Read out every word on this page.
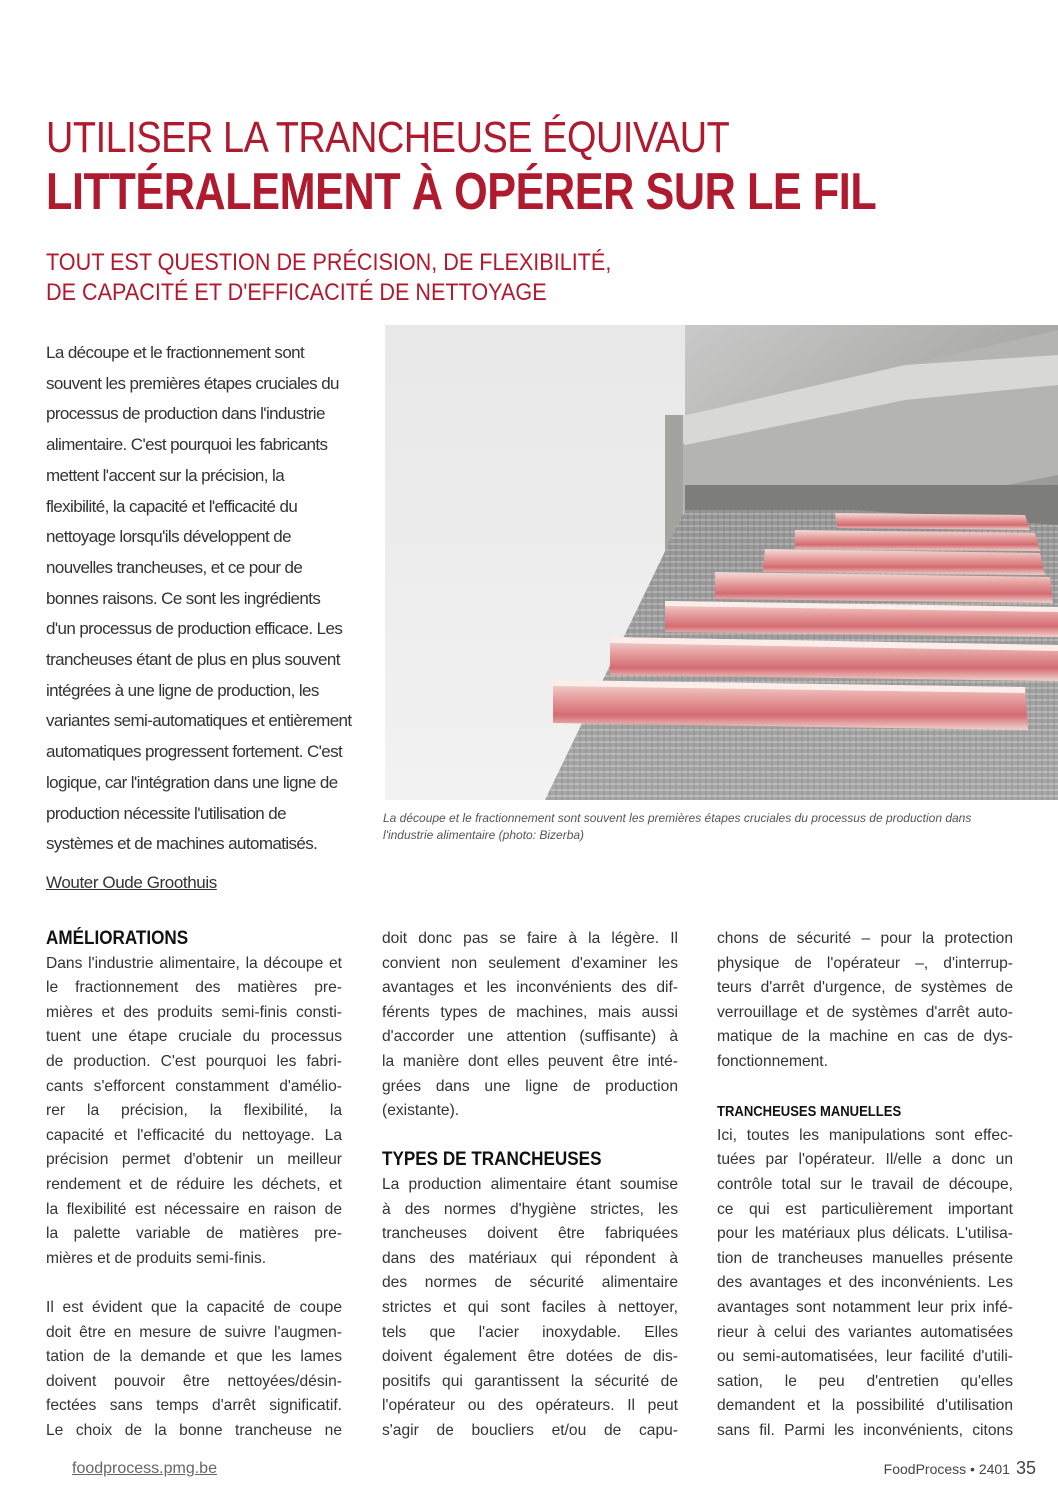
UTILISER LA TRANCHEUSE ÉQUIVAUT
LITTÉRALEMENT À OPÉRER SUR LE FIL
TOUT EST QUESTION DE PRÉCISION, DE FLEXIBILITÉ,
DE CAPACITÉ ET D'EFFICACITÉ DE NETTOYAGE
La découpe et le fractionnement sont
souvent les premières étapes cruciales du
processus de production dans l'industrie
alimentaire. C'est pourquoi les fabricants
mettent l'accent sur la précision, la
flexibilité, la capacité et l'efficacité du
nettoyage lorsqu'ils développent de
nouvelles trancheuses, et ce pour de
bonnes raisons. Ce sont les ingrédients
d'un processus de production efficace. Les
trancheuses étant de plus en plus souvent
intégrées à une ligne de production, les
variantes semi-automatiques et entièrement
automatiques progressent fortement. C'est
logique, car l'intégration dans une ligne de
production nécessite l'utilisation de
systèmes et de machines automatisés.
Wouter Oude Groothuis
La découpe et le fractionnement sont souvent les premières étapes cruciales du processus de production dans l'industrie alimentaire (photo: Bizerba)
AMÉLIORATIONS
Dans l'industrie alimentaire, la découpe et
le fractionnement des matières pre-
mières et des produits semi-finis consti-
tuent une étape cruciale du processus
de production. C'est pourquoi les fabri-
cants s'efforcent constamment d'amélio-
rer la précision, la flexibilité, la
capacité et l'efficacité du nettoyage. La
précision permet d'obtenir un meilleur
rendement et de réduire les déchets, et
la flexibilité est nécessaire en raison de
la palette variable de matières pre-
mières et de produits semi-finis.
Il est évident que la capacité de coupe
doit être en mesure de suivre l'augmen-
tation de la demande et que les lames
doivent pouvoir être nettoyées/désin-
fectées sans temps d'arrêt significatif.
Le choix de la bonne trancheuse ne
doit donc pas se faire à la légère. Il
convient non seulement d'examiner les
avantages et les inconvénients des dif-
férents types de machines, mais aussi
d'accorder une attention (suffisante) à
la manière dont elles peuvent être inté-
grées dans une ligne de production
(existante).
TYPES DE TRANCHEUSES
La production alimentaire étant soumise
à des normes d'hygiène strictes, les
trancheuses doivent être fabriquées
dans des matériaux qui répondent à
des normes de sécurité alimentaire
strictes et qui sont faciles à nettoyer,
tels que l'acier inoxydable. Elles
doivent également être dotées de dis-
positifs qui garantissent la sécurité de
l'opérateur ou des opérateurs. Il peut
s'agir de boucliers et/ou de capu-
chons de sécurité – pour la protection
physique de l'opérateur –, d'interrup-
teurs d'arrêt d'urgence, de systèmes de
verrouillage et de systèmes d'arrêt auto-
matique de la machine en cas de dys-
fonctionnement.
TRANCHEUSES MANUELLES
Ici, toutes les manipulations sont effec-
tuées par l'opérateur. Il/elle a donc un
contrôle total sur le travail de découpe,
ce qui est particulièrement important
pour les matériaux plus délicats. L'utilisa-
tion de trancheuses manuelles présente
des avantages et des inconvénients. Les
avantages sont notamment leur prix infé-
rieur à celui des variantes automatisées
ou semi-automatisées, leur facilité d'utili-
sation, le peu d'entretien qu'elles
demandent et la possibilité d'utilisation
sans fil. Parmi les inconvénients, citons
foodprocess.pmg.be	FoodProcess • 2401 35
